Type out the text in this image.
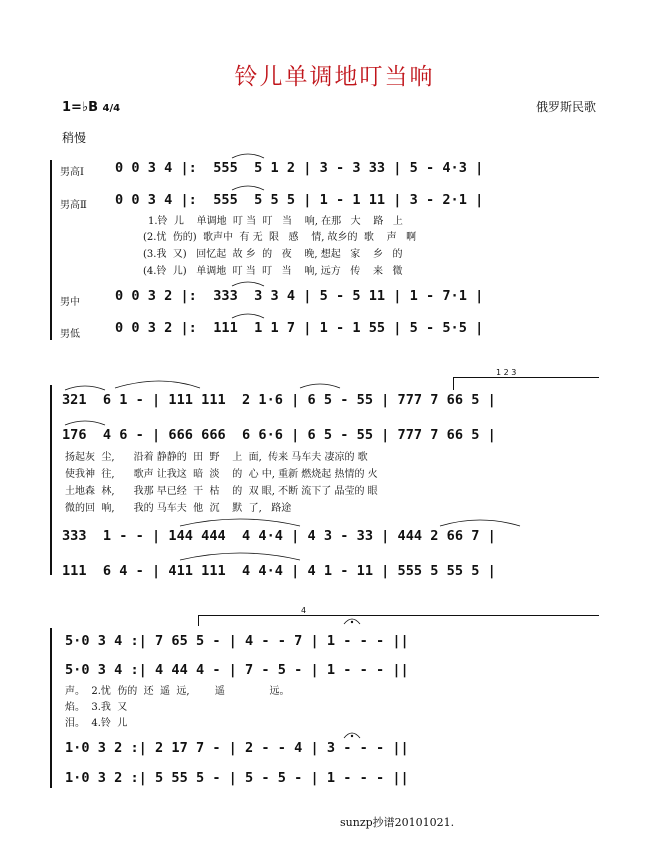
铃儿单调地叮当响
1=♭B 4/4	俄罗斯民歌
稍慢
男高Ⅰ
男高Ⅱ
男中
男低
0 0 3 4 |:  555  5 1 2 | 3 - 3 33 | 5 - 4·3 |
0 0 3 4 |:  555  5 5 5 | 1 - 1 11 | 3 - 2·1 |
1.铃  儿    单调地  叮 当  叮   当    响, 在那   大    路   上
(2.忧  伤的)  歌声中  有 无  限   感    情, 故乡的  歌    声   啊
(3.我  又)   回忆起  故 乡  的   夜    晚, 想起   家    乡   的
(4.铃  儿)   单调地  叮 当  叮   当    响, 远方   传    来   微
0 0 3 2 |:  333  3 3 4 | 5 - 5 11 | 1 - 7·1 |
0 0 3 2 |:  111  1 1 7 | 1 - 1 55 | 5 - 5·5 |
1 2 3
321  6 1 - | 111 111  2 1·6 | 6 5 - 55 | 777 7 66 5 |
176  4 6 - | 666 666  6 6·6 | 6 5 - 55 | 777 7 66 5 |
扬起灰  尘,      沿着 静静的  田  野    上  面,  传来 马车夫 凄凉的 歌
使我神  往,      歌声 让我这  暗  淡    的  心 中, 重新 燃烧起 热情的 火
土地森  林,      我那 早已经  干  枯    的  双 眼, 不断 流下了 晶莹的 眼
微的回  响,      我的 马车夫  他  沉    默  了,   路途
333  1 - - | 144 444  4 4·4 | 4 3 - 33 | 444 2 66 7 |
111  6 4 - | 411 111  4 4·4 | 4 1 - 11 | 555 5 55 5 |
4
5·0 3 4 :| 7 65 5 - | 4 - - 7 | 1 - - - ||
5·0 3 4 :| 4 44 4 - | 7 - 5 - | 1 - - - ||
声。  2.忧  伤的  还  遥  远,        遥              远。
焰。  3.我  又
泪。  4.铃  儿
1·0 3 2 :| 2 17 7 - | 2 - - 4 | 3 - - - ||
1·0 3 2 :| 5 55 5 - | 5 - 5 - | 1 - - - ||
sunzp抄谱20101021.
